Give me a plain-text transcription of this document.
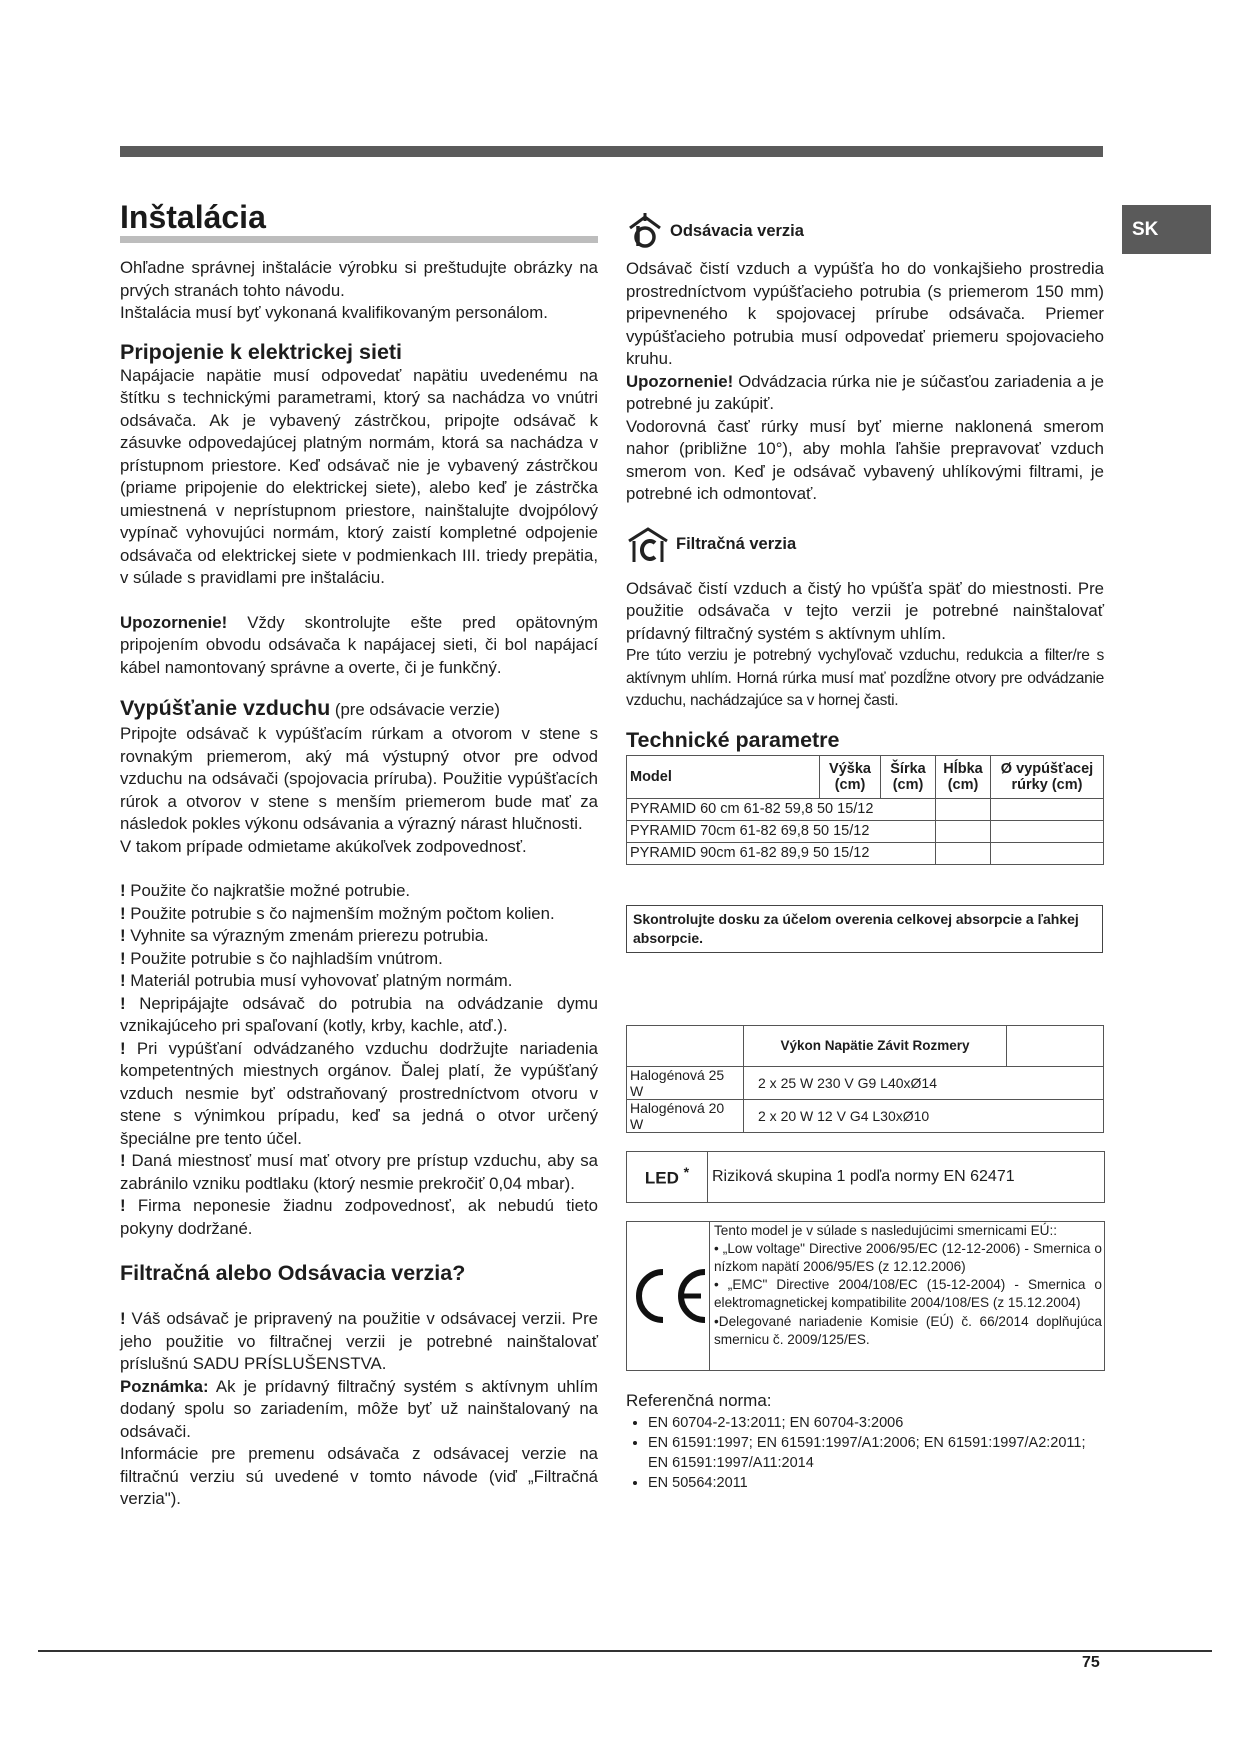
SK
Inštalácia

Ohľadne správnej inštalácie výrobku si preštudujte obrázky na prvých stranách tohto návodu.

Inštalácia musí byť vykonaná kvalifikovaným personálom.

Pripojenie k elektrickej sieti

Napájacie napätie musí odpovedať napätiu uvedenému na štítku s technickými parametrami, ktorý sa nachádza vo vnútri odsávača. Ak je vybavený zástrčkou, pripojte odsávač k zásuvke odpovedajúcej platným normám, ktorá sa nachádza v prístupnom priestore. Keď odsávač nie je vybavený zástrčkou (priame pripojenie do elektrickej siete), alebo keď je zástrčka umiestnená v neprístupnom priestore, nainštalujte dvojpólový vypínač vyhovujúci normám, ktorý zaistí kompletné odpojenie odsávača od elektrickej siete v podmienkach III. triedy prepätia, v súlade s pravidlami pre inštaláciu.

Upozornenie! Vždy skontrolujte ešte pred opätovným pripojením obvodu odsávača k napájacej sieti, či bol napájací kábel namontovaný správne a overte, či je funkčný.

Vypúšťanie vzduchu (pre odsávacie verzie)

Pripojte odsávač k vypúšťacím rúrkam a otvorom v stene s rovnakým priemerom, aký má výstupný otvor pre odvod vzduchu na odsávači (spojovacia príruba). Použitie vypúšťacích rúrok a otvorov v stene s menším priemerom bude mať za následok pokles výkonu odsávania a výrazný nárast hlučnosti.

V takom prípade odmietame akúkoľvek zodpovednosť.

! Použite čo najkratšie možné potrubie.

! Použite potrubie s čo najmenším možným počtom kolien.

! Vyhnite sa výrazným zmenám prierezu potrubia.

! Použite potrubie s čo najhladším vnútrom.

! Materiál potrubia musí vyhovovať platným normám.

! Nepripájajte odsávač do potrubia na odvádzanie dymu vznikajúceho pri spaľovaní (kotly, krby, kachle, atď.).

! Pri vypúšťaní odvádzaného vzduchu dodržujte nariadenia kompetentných miestnych orgánov. Ďalej platí, že vypúšťaný vzduch nesmie byť odstraňovaný prostredníctvom otvoru v stene s výnimkou prípadu, keď sa jedná o otvor určený špeciálne pre tento účel.

! Daná miestnosť musí mať otvory pre prístup vzduchu, aby sa zabránilo vzniku podtlaku (ktorý nesmie prekročiť 0,04 mbar).

! Firma neponesie žiadnu zodpovednosť, ak nebudú tieto pokyny dodržané.

Filtračná alebo Odsávacia verzia?

! Váš odsávač je pripravený na použitie v odsávacej verzii. Pre jeho použitie vo filtračnej verzii je potrebné nainštalovať príslušnú SADU PRÍSLUŠENSTVA.

Poznámka: Ak je prídavný filtračný systém s aktívnym uhlím dodaný spolu so zariadením, môže byť už nainštalovaný na odsávači.

Informácie pre premenu odsávača z odsávacej verzie na filtračnú verziu sú uvedené v tomto návode (viď „Filtračná verzia").

Odsávacia verzia

Odsávač čistí vzduch a vypúšťa ho do vonkajšieho prostredia prostredníctvom vypúšťacieho potrubia (s priemerom 150 mm) pripevneného k spojovacej prírube odsávača. Priemer vypúšťacieho potrubia musí odpovedať priemeru spojovacieho kruhu.

Upozornenie! Odvádzacia rúrka nie je súčasťou zariadenia a je potrebné ju zakúpiť.

Vodorovná časť rúrky musí byť mierne naklonená smerom nahor (približne 10°), aby mohla ľahšie prepravovať vzduch smerom von. Keď je odsávač vybavený uhlíkovými filtrami, je potrebné ich odmontovať.

Filtračná verzia

Odsávač čistí vzduch a čistý ho vpúšťa späť do miestnosti. Pre použitie odsávača v tejto verzii je potrebné nainštalovať prídavný filtračný systém s aktívnym uhlím.

Pre túto verziu je potrebný vychyľovač vzduchu, redukcia a filter/re s aktívnym uhlím. Horná rúrka musí mať pozdĺžne otvory pre odvádzanie vzduchu, nachádzajúce sa v hornej časti.

Technické parametre
Model	Výška (cm)	Šírka (cm)	Hĺbka (cm)	Ø vypúšťacej rúrky (cm)
PYRAMID 60 cm 61-82 59,8 50 15/12				
PYRAMID 70cm 61-82 69,8 50 15/12				
PYRAMID 90cm 61-82 89,9 50 15/12				
Skontrolujte dosku za účelom overenia celkovej absorpcie a ľahkej absorpcie.
	Výkon Napätie Závit Rozmery	
Halogénová 25 W	2 x 25 W 230 V G9 L40xØ14	
Halogénová 20 W	2 x 20 W 12 V G4 L30xØ10	
LED *	Riziková skupina 1 podľa normy EN 62471
Tento model je v súlade s nasledujúcimi smernicami EÚ::
• „Low voltage" Directive 2006/95/EC (12-12-2006) - Smernica o nízkom napätí 2006/95/ES (z 12.12.2006)
• „EMC" Directive 2004/108/EC (15-12-2004) - Smernica o elektromagnetickej kompatibilite 2004/108/ES (z 15.12.2004)
•Delegované nariadenie Komisie (EÚ) č. 66/2014 doplňujúca smernicu č. 2009/125/ES.
Referenčná norma:
• EN 60704-2-13:2011; EN 60704-3:2006
• EN 61591:1997; EN 61591:1997/A1:2006; EN 61591:1997/A2:2011; EN 61591:1997/A11:2014
• EN 50564:2011
75
